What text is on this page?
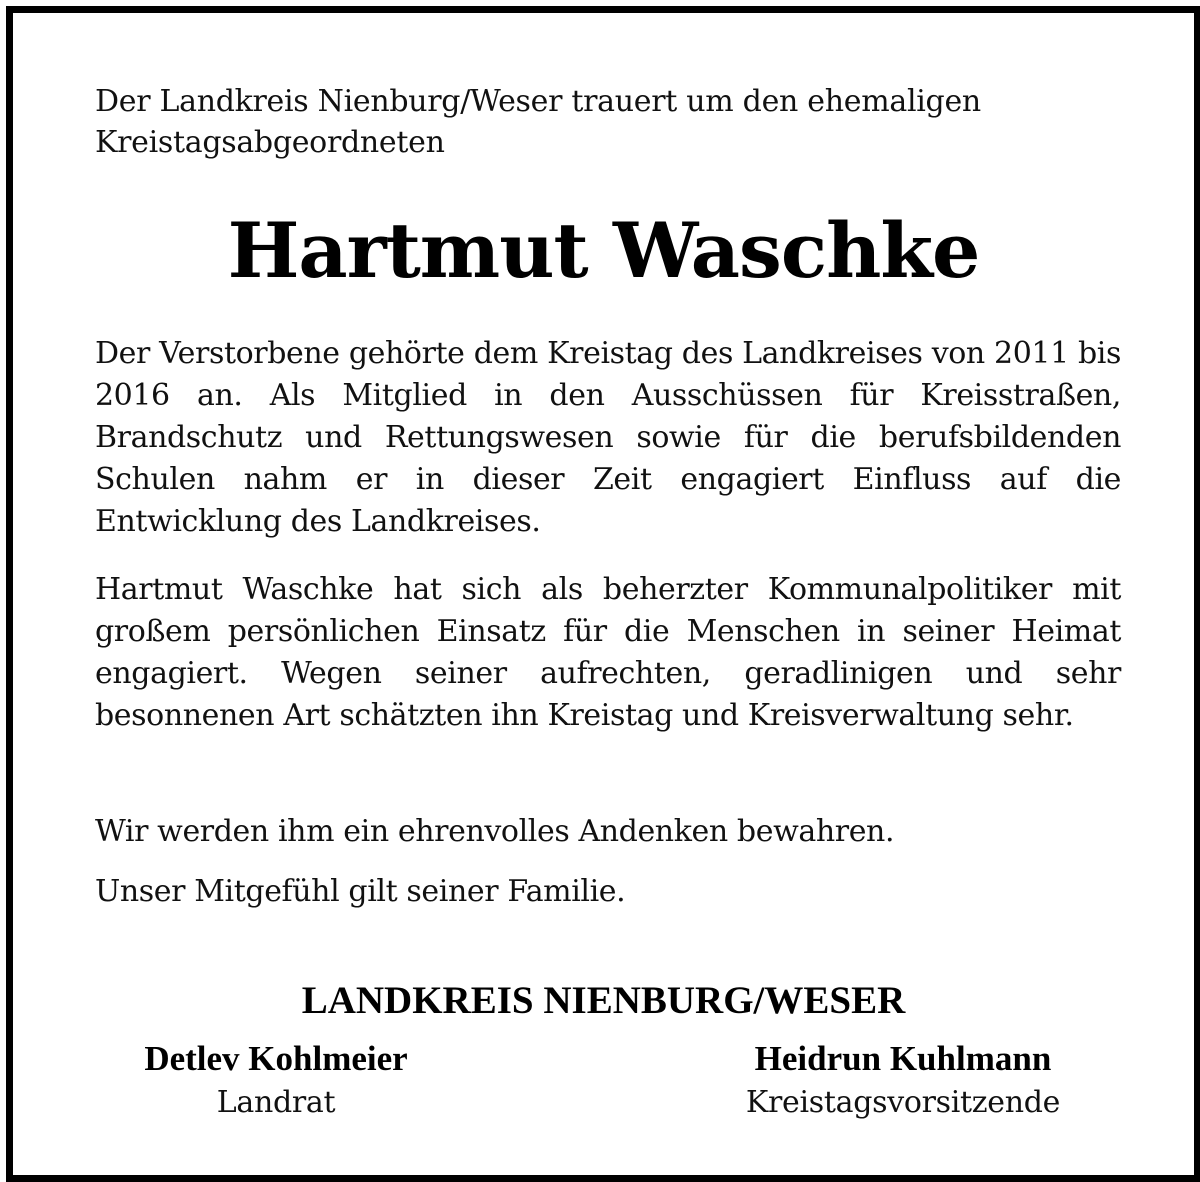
Der Landkreis Nienburg/Weser trauert um den ehemaligen Kreistagsabgeordneten
Hartmut Waschke

Der Verstorbene gehörte dem Kreistag des Landkreises von 2011 bis 2016 an. Als Mitglied in den Ausschüssen für Kreisstraßen, Brandschutz und Rettungswesen sowie für die berufsbildenden Schulen nahm er in dieser Zeit engagiert Einfluss auf die Entwicklung des Landkreises.

Hartmut Waschke hat sich als beherzter Kommunalpolitiker mit großem persönlichen Einsatz für die Menschen in seiner Heimat engagiert. Wegen seiner aufrechten, geradlinigen und sehr besonnenen Art schätzten ihn Kreistag und Kreisverwaltung sehr.

Wir werden ihm ein ehrenvolles Andenken bewahren.

Unser Mitgefühl gilt seiner Familie.

LANDKREIS NIENBURG/WESER
Detlev Kohlmeier
Landrat
Heidrun Kuhlmann
Kreistagsvorsitzende
